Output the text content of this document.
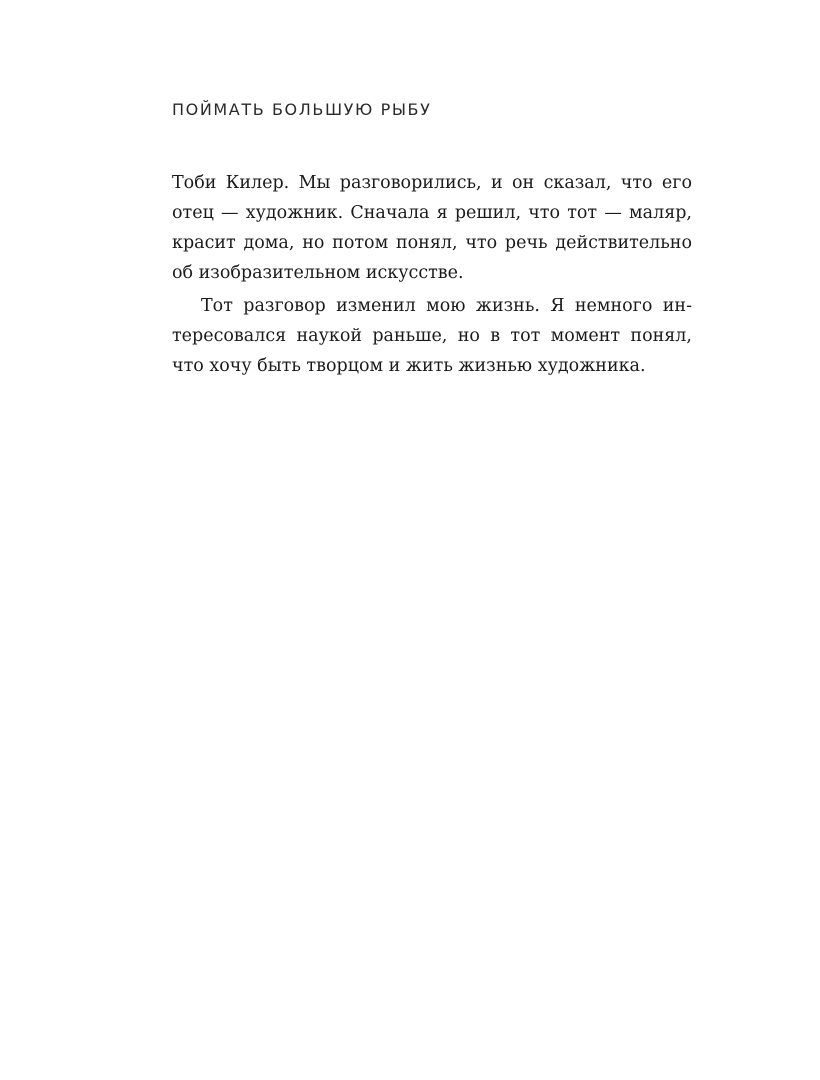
ПОЙМАТЬ БОЛЬШУЮ РЫБУ
Тоби Килер. Мы разговорились, и он сказал, что его
отец — художник. Сначала я решил, что тот — маляр,
красит дома, но потом понял, что речь действительно
об изобразительном искусстве.
Тот разговор изменил мою жизнь. Я немного ин-
тересовался наукой раньше, но в тот момент понял,
что хочу быть творцом и жить жизнью художника.
